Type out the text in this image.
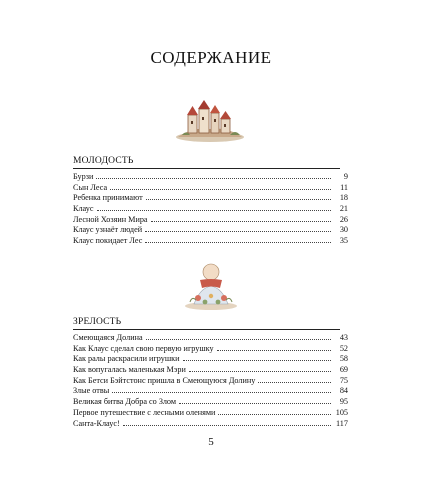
СОДЕРЖАНИЕ
МОЛОДОСТЬ
Бурзи	9
Сын Леса	11
Ребенка принимают	18
Клаус	21
Лесной Хозяин Мира	26
Клаус узнаёт людей	30
Клаус покидает Лес	35
ЗРЕЛОСТЬ
Смеющаяся Долина	43
Как Клаус сделал свою первую игрушку	52
Как ралы раскрасили игрушки	58
Как вопугалась маленькая Мэри	69
Как Бетси Бэйтстонс пришла в Смеющуюся Долину	75
Злые отвы	84
Великая битва Добра со Злом	95
Первое путешествие с лесными оленями	105
Санта-Клаус!	117
5
